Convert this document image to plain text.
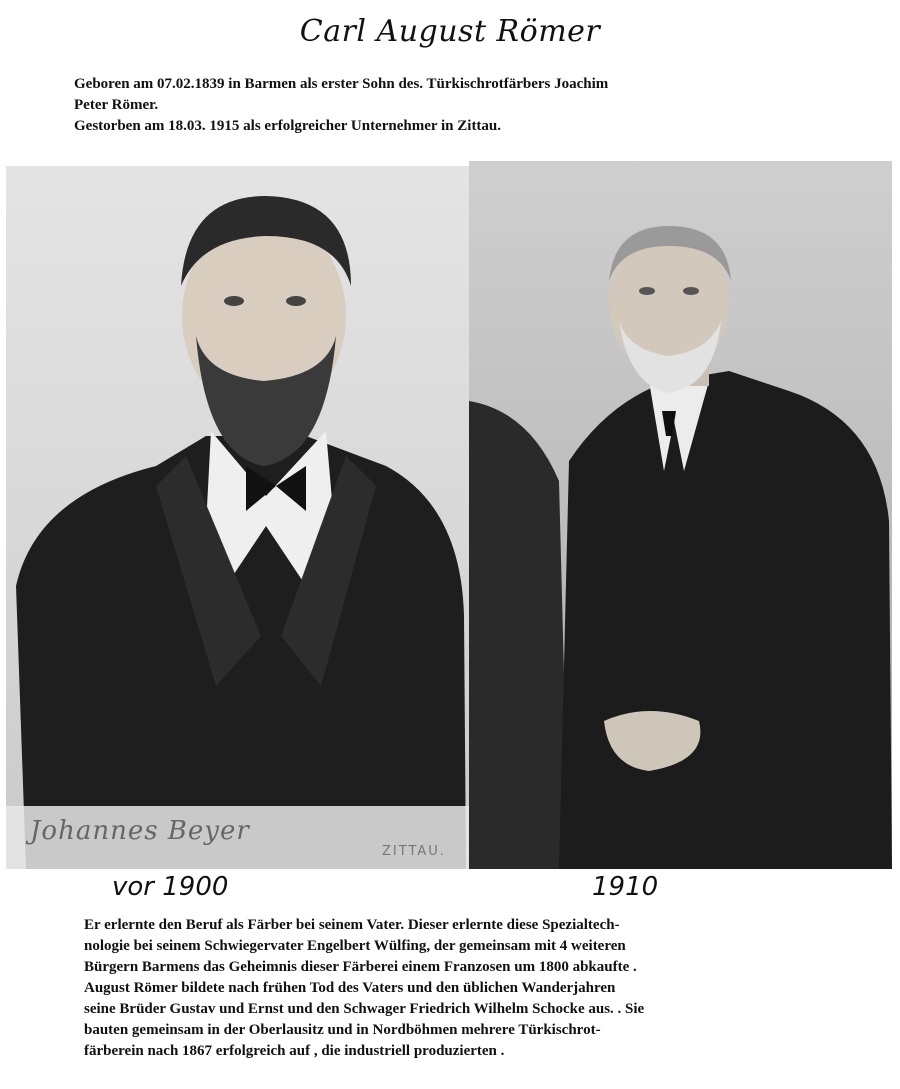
Carl August Römer
Geboren am 07.02.1839 in Barmen als erster Sohn des. Türkischrotfärbers Joachim
Peter Römer.
Gestorben am 18.03. 1915 als erfolgreicher Unternehmer in Zittau.
Johannes Beyer
ZITTAU.
vor 1900	1910
Er erlernte den Beruf als Färber bei seinem Vater. Dieser erlernte diese Spezialtech-
nologie bei seinem Schwiegervater Engelbert Wülfing, der gemeinsam mit 4 weiteren
Bürgern Barmens das Geheimnis dieser Färberei einem Franzosen um 1800 abkaufte .
August Römer bildete nach frühen Tod des Vaters und den üblichen Wanderjahren
seine Brüder Gustav und Ernst und den Schwager Friedrich Wilhelm Schocke aus. . Sie
bauten gemeinsam in der Oberlausitz und in Nordböhmen mehrere Türkischrot-
färberein nach 1867 erfolgreich auf , die industriell produzierten .
